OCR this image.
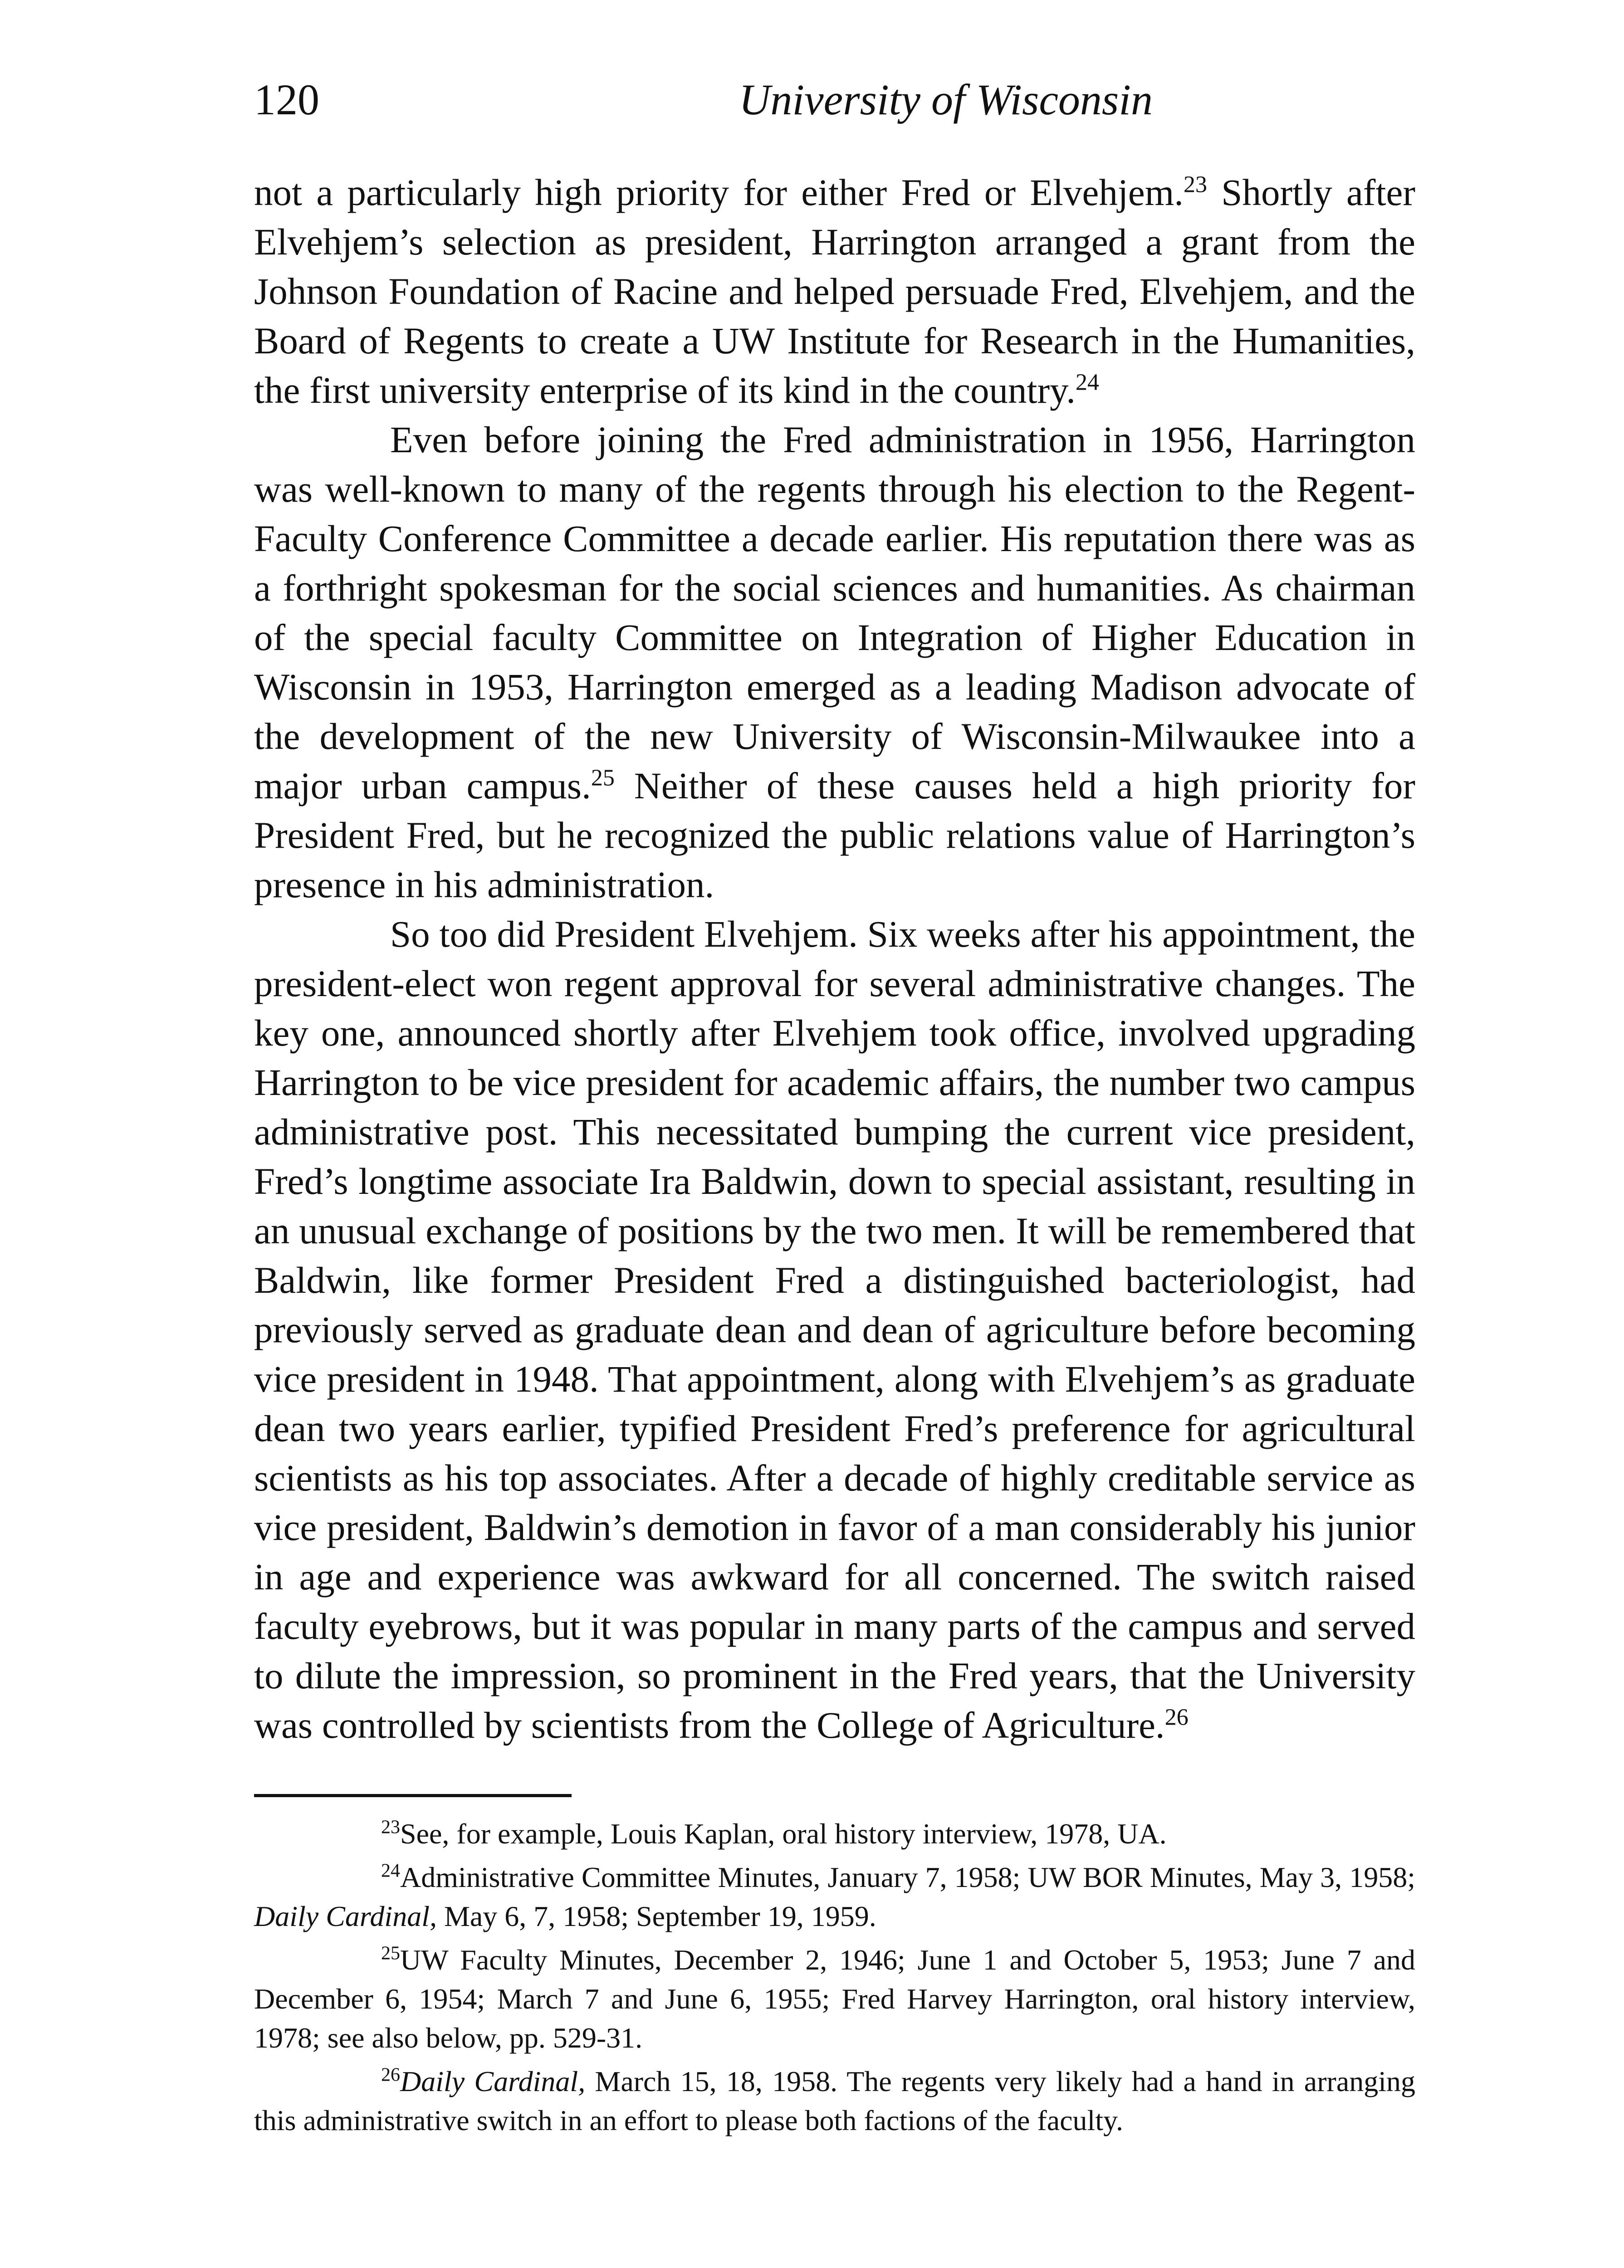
120	University of Wisconsin

not a particularly high priority for either Fred or Elvehjem.$^{23}$ Shortly after Elvehjem’s selection as president, Harrington arranged a grant from the Johnson Foundation of Racine and helped persuade Fred, Elvehjem, and the Board of Regents to create a UW Institute for Research in the Humanities, the first university enterprise of its kind in the country.$^{24}$

Even before joining the Fred administration in 1956, Harrington was well-known to many of the regents through his election to the Regent-Faculty Conference Committee a decade earlier. His reputation there was as a forthright spokesman for the social sciences and humanities. As chairman of the special faculty Committee on Integration of Higher Education in Wisconsin in 1953, Harrington emerged as a leading Madison advocate of the development of the new University of Wisconsin-Milwaukee into a major urban campus.$^{25}$ Neither of these causes held a high priority for President Fred, but he recognized the public relations value of Harrington’s presence in his administration.

So too did President Elvehjem. Six weeks after his appointment, the president-elect won regent approval for several administrative changes. The key one, announced shortly after Elvehjem took office, involved upgrading Harrington to be vice president for academic affairs, the number two campus administrative post. This necessitated bumping the current vice president, Fred’s longtime associate Ira Baldwin, down to special assistant, resulting in an unusual exchange of positions by the two men. It will be remembered that Baldwin, like former President Fred a distinguished bacteriologist, had previously served as graduate dean and dean of agriculture before becoming vice president in 1948. That appointment, along with Elvehjem’s as graduate dean two years earlier, typified President Fred’s preference for agricultural scientists as his top associates. After a decade of highly creditable service as vice president, Baldwin’s demotion in favor of a man considerably his junior in age and experience was awkward for all concerned. The switch raised faculty eyebrows, but it was popular in many parts of the campus and served to dilute the impression, so prominent in the Fred years, that the University was controlled by scientists from the College of Agriculture.$^{26}$

$^{23}$See, for example, Louis Kaplan, oral history interview, 1978, UA.

$^{24}$Administrative Committee Minutes, January 7, 1958; UW BOR Minutes, May 3, 1958; Daily Cardinal, May 6, 7, 1958; September 19, 1959.

$^{25}$UW Faculty Minutes, December 2, 1946; June 1 and October 5, 1953; June 7 and December 6, 1954; March 7 and June 6, 1955; Fred Harvey Harrington, oral history interview, 1978; see also below, pp. 529-31.

$^{26}$Daily Cardinal, March 15, 18, 1958. The regents very likely had a hand in arranging this administrative switch in an effort to please both factions of the faculty.
